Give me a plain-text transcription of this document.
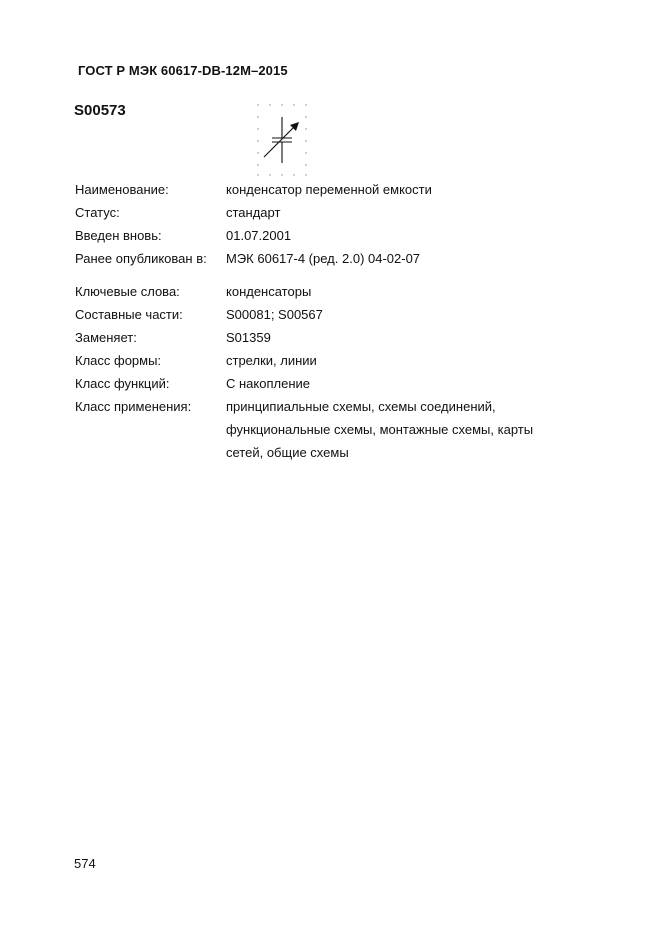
ГОСТ Р МЭК 60617-DB-12M–2015
S00573
Наименование:	конденсатор переменной емкости
Статус:	стандарт
Введен вновь:	01.07.2001
Ранее опубликован в:	МЭК 60617-4 (ред. 2.0) 04-02-07
Ключевые слова:	конденсаторы
Составные части:	S00081; S00567
Заменяет:	S01359
Класс формы:	стрелки, линии
Класс функций:	С накопление
Класс применения:	принципиальные схемы, схемы соединений,
функциональные схемы, монтажные схемы, карты
сетей, общие схемы
574
